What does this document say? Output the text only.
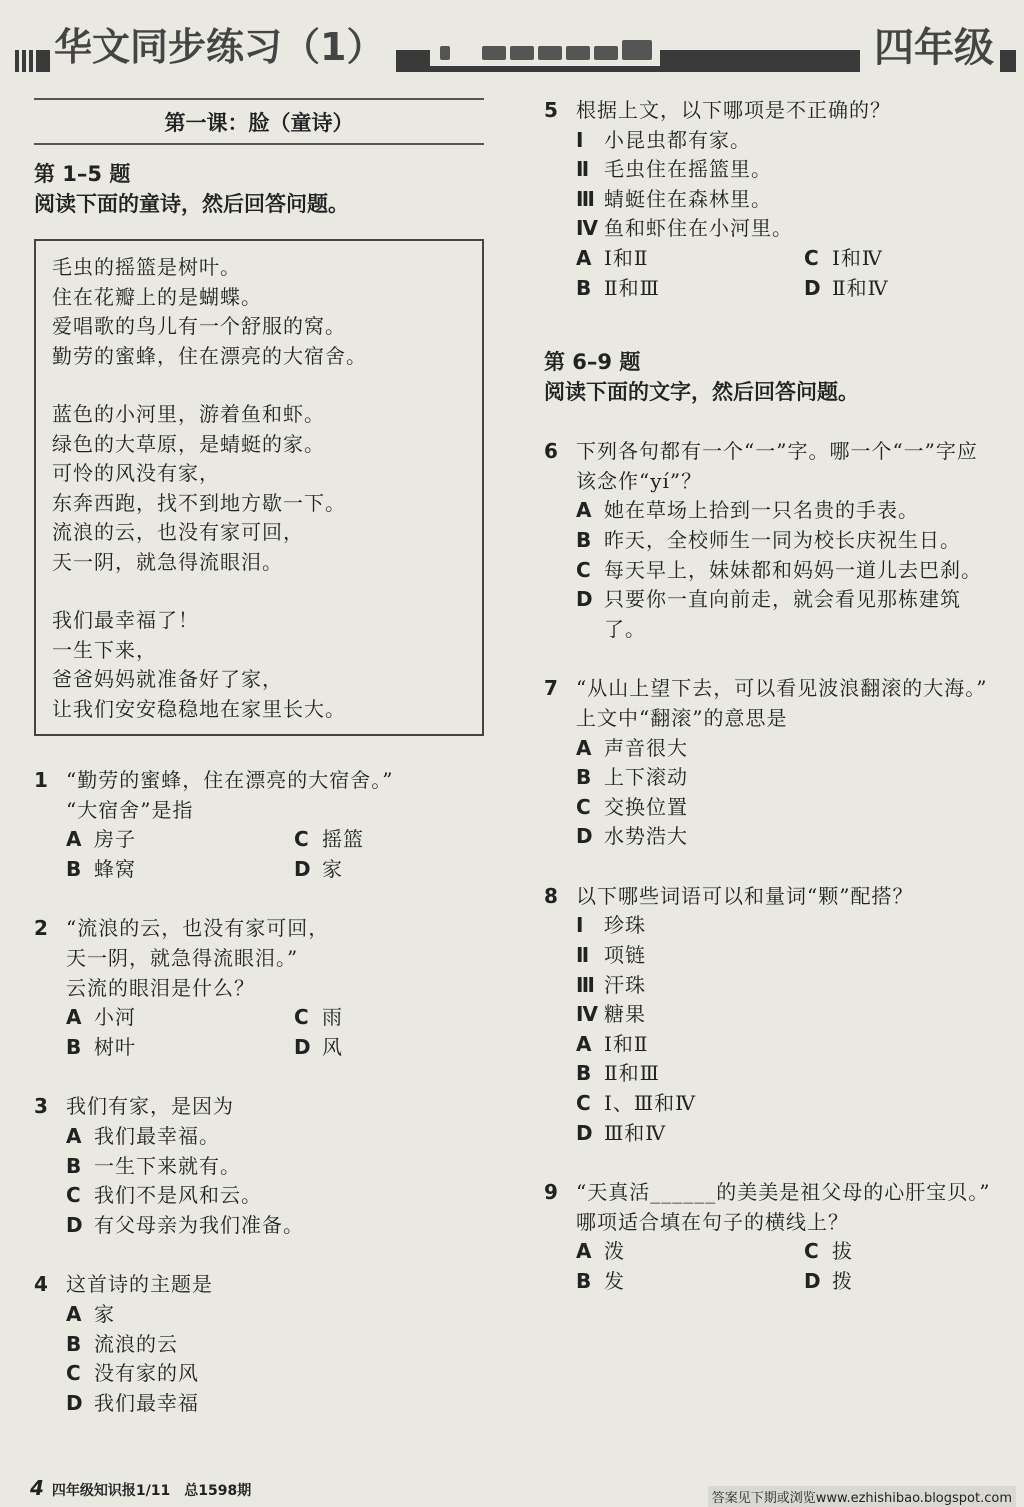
华文同步练习（1）	四年级
第一课：脸（童诗）
第 1–5 题
阅读下面的童诗，然后回答问题。
毛虫的摇篮是树叶。
住在花瓣上的是蝴蝶。
爱唱歌的鸟儿有一个舒服的窝。
勤劳的蜜蜂，住在漂亮的大宿舍。
蓝色的小河里，游着鱼和虾。
绿色的大草原，是蜻蜓的家。
可怜的风没有家，
东奔西跑，找不到地方歇一下。
流浪的云，也没有家可回，
天一阴，就急得流眼泪。
我们最幸福了！
一生下来，
爸爸妈妈就准备好了家，
让我们安安稳稳地在家里长大。
1 “勤劳的蜜蜂，住在漂亮的大宿舍。”
“大宿舍”是指
A 房子	C 摇篮
B 蜂窝	D 家
2 “流浪的云，也没有家可回，
天一阴，就急得流眼泪。”
云流的眼泪是什么？
A 小河	C 雨
B 树叶	D 风
3 我们有家，是因为
A 我们最幸福。
B 一生下来就有。
C 我们不是风和云。
D 有父母亲为我们准备。
4 这首诗的主题是
A 家
B 流浪的云
C 没有家的风
D 我们最幸福
5 根据上文，以下哪项是不正确的？
Ⅰ 小昆虫都有家。
Ⅱ 毛虫住在摇篮里。
Ⅲ 蜻蜓住在森林里。
Ⅳ 鱼和虾住在小河里。
A Ⅰ和Ⅱ	C Ⅰ和Ⅳ
B Ⅱ和Ⅲ	D Ⅱ和Ⅳ
第 6–9 题
阅读下面的文字，然后回答问题。
6 下列各句都有一个“一”字。哪一个“一”字应该念作“yí”？
A 她在草场上拾到一只名贵的手表。
B 昨天，全校师生一同为校长庆祝生日。
C 每天早上，妹妹都和妈妈一道儿去巴刹。
D 只要你一直向前走，就会看见那栋建筑了。
7 “从山上望下去，可以看见波浪翻滚的大海。”
上文中“翻滚”的意思是
A 声音很大
B 上下滚动
C 交换位置
D 水势浩大
8 以下哪些词语可以和量词“颗”配搭？
Ⅰ 珍珠
Ⅱ 项链
Ⅲ 汗珠
Ⅳ 糖果
A Ⅰ和Ⅱ
B Ⅱ和Ⅲ
C Ⅰ、Ⅲ和Ⅳ
D Ⅲ和Ⅳ
9 “天真活______的美美是祖父母的心肝宝贝。”
哪项适合填在句子的横线上？
A 泼	C 拔
B 发	D 拨
4 四年级知识报1/11　总1598期	答案见下期或浏览www.ezhishibao.blogspot.com
